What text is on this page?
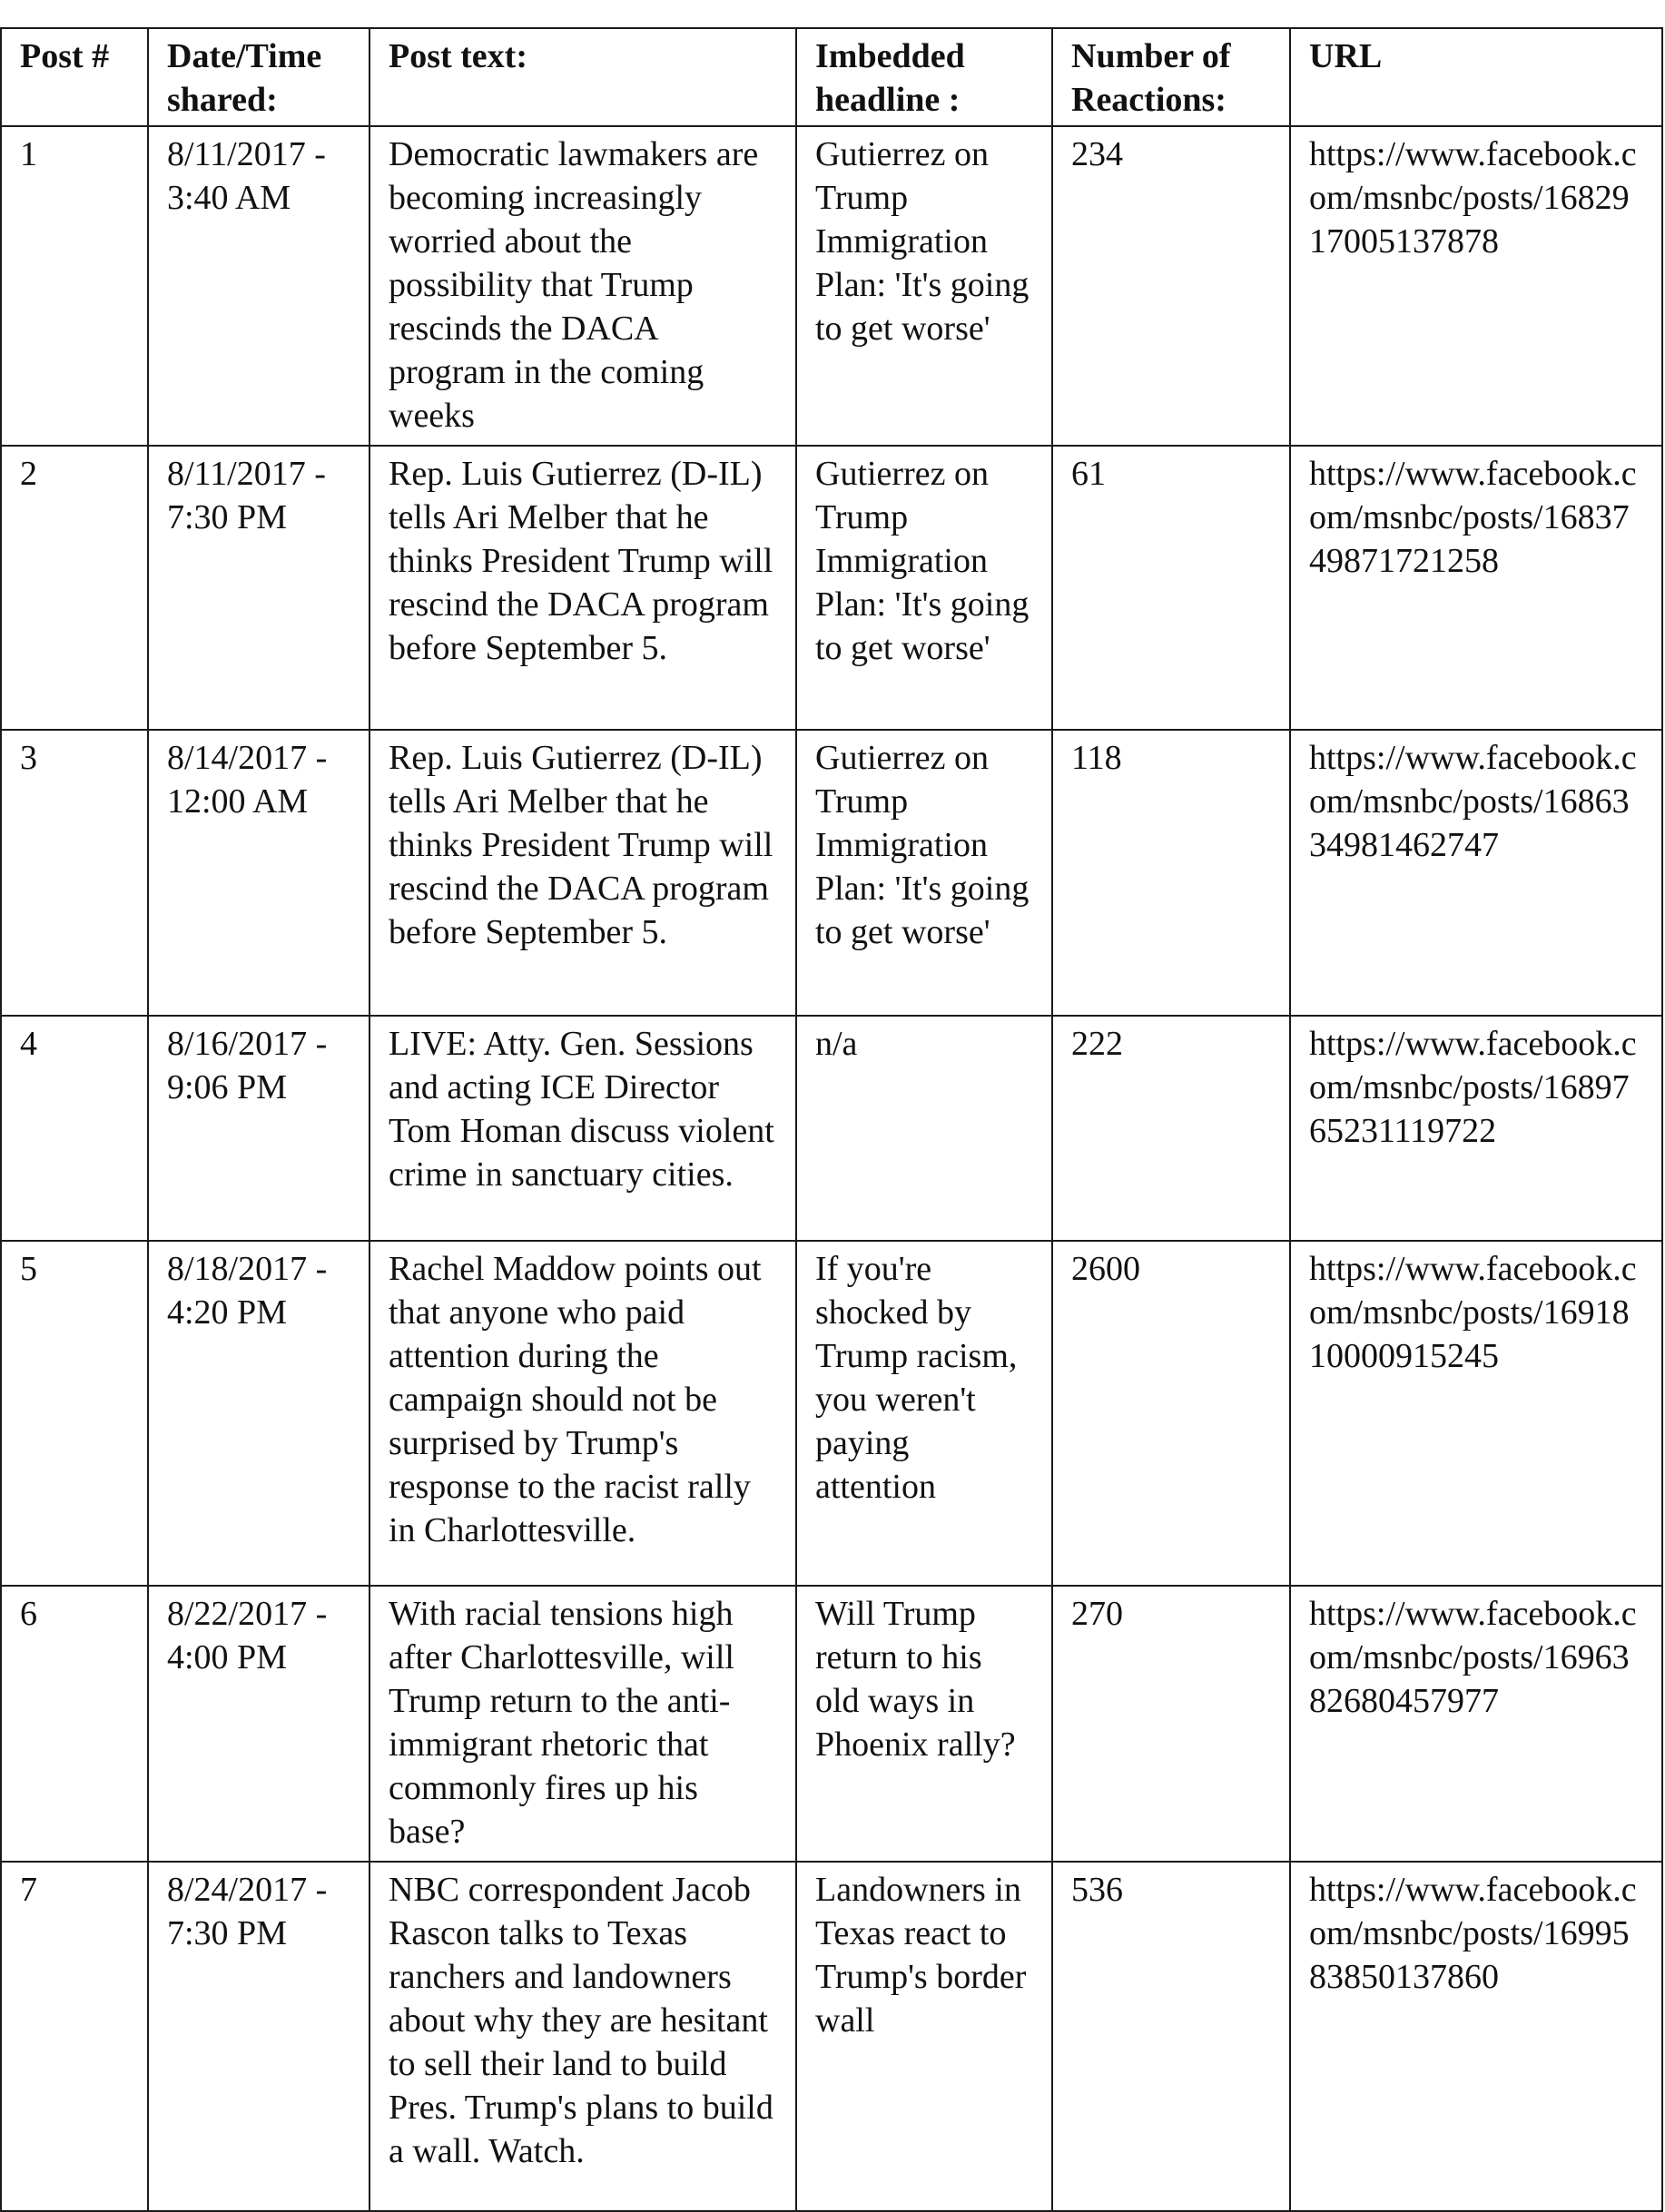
Post #	Date/Time shared:	Post text:	Imbedded headline :	Number of Reactions:	URL
1	8/11/2017 - 3:40 AM	Democratic lawmakers are becoming increasingly worried about the possibility that Trump rescinds the DACA program in the coming weeks	Gutierrez on Trump Immigration Plan: 'It's going to get worse'	234	https://www.facebook.com/msnbc/posts/1682917005137878
2	8/11/2017 - 7:30 PM	Rep. Luis Gutierrez (D-IL) tells Ari Melber that he thinks President Trump will rescind the DACA program before September 5.	Gutierrez on Trump Immigration Plan: 'It's going to get worse'	61	https://www.facebook.com/msnbc/posts/1683749871721258
3	8/14/2017 - 12:00 AM	Rep. Luis Gutierrez (D-IL) tells Ari Melber that he thinks President Trump will rescind the DACA program before September 5.	Gutierrez on Trump Immigration Plan: 'It's going to get worse'	118	https://www.facebook.com/msnbc/posts/1686334981462747
4	8/16/2017 - 9:06 PM	LIVE: Atty. Gen. Sessions and acting ICE Director Tom Homan discuss violent crime in sanctuary cities.	n/a	222	https://www.facebook.com/msnbc/posts/1689765231119722
5	8/18/2017 - 4:20 PM	Rachel Maddow points out that anyone who paid attention during the campaign should not be surprised by Trump's response to the racist rally in Charlottesville.	If you're shocked by Trump racism, you weren't paying attention	2600	https://www.facebook.com/msnbc/posts/1691810000915245
6	8/22/2017 - 4:00 PM	With racial tensions high after Charlottesville, will Trump return to the anti-immigrant rhetoric that commonly fires up his base?	Will Trump return to his old ways in Phoenix rally?	270	https://www.facebook.com/msnbc/posts/1696382680457977
7	8/24/2017 - 7:30 PM	NBC correspondent Jacob Rascon talks to Texas ranchers and landowners about why they are hesitant to sell their land to build Pres. Trump's plans to build a wall. Watch.	Landowners in Texas react to Trump's border wall	536	https://www.facebook.com/msnbc/posts/1699583850137860
